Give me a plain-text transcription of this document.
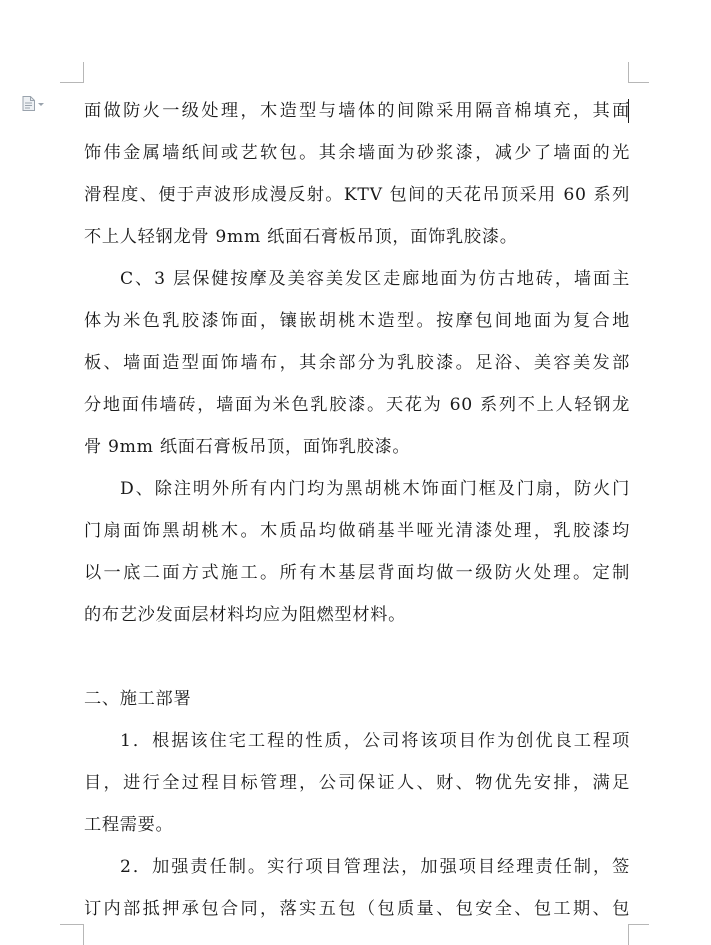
面做防火一级处理，木造型与墙体的间隙采用隔音棉填充，其面
饰伟金属墙纸间或艺软包。其余墙面为砂浆漆，减少了墙面的光
滑程度、便于声波形成漫反射。KTV 包间的天花吊顶采用 60 系列
不上人轻钢龙骨 9mm 纸面石膏板吊顶，面饰乳胶漆。
C、3 层保健按摩及美容美发区走廊地面为仿古地砖，墙面主
体为米色乳胶漆饰面，镶嵌胡桃木造型。按摩包间地面为复合地
板、墙面造型面饰墙布，其余部分为乳胶漆。足浴、美容美发部
分地面伟墙砖，墙面为米色乳胶漆。天花为 60 系列不上人轻钢龙
骨 9mm 纸面石膏板吊顶，面饰乳胶漆。
D、除注明外所有内门均为黑胡桃木饰面门框及门扇，防火门
门扇面饰黑胡桃木。木质品均做硝基半哑光清漆处理，乳胶漆均
以一底二面方式施工。所有木基层背面均做一级防火处理。定制
的布艺沙发面层材料均应为阻燃型材料。
二、施工部署
1．根据该住宅工程的性质，公司将该项目作为创优良工程项
目，进行全过程目标管理，公司保证人、财、物优先安排，满足
工程需要。
2．加强责任制。实行项目管理法，加强项目经理责任制，签
订内部抵押承包合同，落实五包（包质量、包安全、包工期、包
